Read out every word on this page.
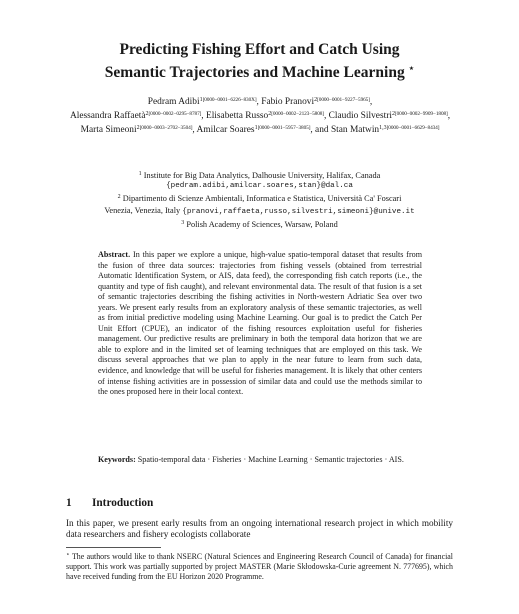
Predicting Fishing Effort and Catch Using
Semantic Trajectories and Machine Learning ⋆
Pedram Adibi$^{1[0000-0001-6226-830X]}$, Fabio Pranovi$^{2[0000-0001-9227-5965]}$,
Alessandra Raffaetà$^{2[0000-0002-0295-8787]}$, Elisabetta Russo$^{2[0000-0002-2123-5808]}$, Claudio Silvestri$^{2[0000-0002-9909-1808]}$, Marta Simeoni$^{2[0000-0003-2702-3504]}$, Amilcar Soares$^{1[0000-0001-5957-3805]}$, and Stan Matwin$^{1,3[0000-0001-6629-8434]}$
$^1$ Institute for Big Data Analytics, Dalhousie University, Halifax, Canada
{pedram.adibi,amilcar.soares,stan}@dal.ca
$^2$ Dipartimento di Scienze Ambientali, Informatica e Statistica, Università Ca' Foscari
Venezia, Venezia, Italy {pranovi,raffaeta,russo,silvestri,simeoni}@unive.it
$^3$ Polish Academy of Sciences, Warsaw, Poland
Abstract. In this paper we explore a unique, high-value spatio-temporal dataset that results from the fusion of three data sources: trajectories from fishing vessels (obtained from terrestrial Automatic Identification System, or AIS, data feed), the corresponding fish catch reports (i.e., the quantity and type of fish caught), and relevant environmental data. The result of that fusion is a set of semantic trajectories describing the fishing activities in North-western Adriatic Sea over two years. We present early results from an exploratory analysis of these semantic trajectories, as well as from initial predictive modeling using Machine Learning. Our goal is to predict the Catch Per Unit Effort (CPUE), an indicator of the fishing resources exploitation useful for fisheries management. Our predictive results are preliminary in both the temporal data horizon that we are able to explore and in the limited set of learning techniques that are employed on this task. We discuss several approaches that we plan to apply in the near future to learn from such data, evidence, and knowledge that will be useful for fisheries management. It is likely that other centers of intense fishing activities are in possession of similar data and could use the methods similar to the ones proposed here in their local context.
Keywords: Spatio-temporal data · Fisheries · Machine Learning · Semantic trajectories · AIS.
1 Introduction
In this paper, we present early results from an ongoing international research project in which mobility data researchers and fishery ecologists collaborate
⋆ The authors would like to thank NSERC (Natural Sciences and Engineering Research Council of Canada) for financial support. This work was partially supported by project MASTER (Marie Skłodowska-Curie agreement N. 777695), which have received funding from the EU Horizon 2020 Programme.
